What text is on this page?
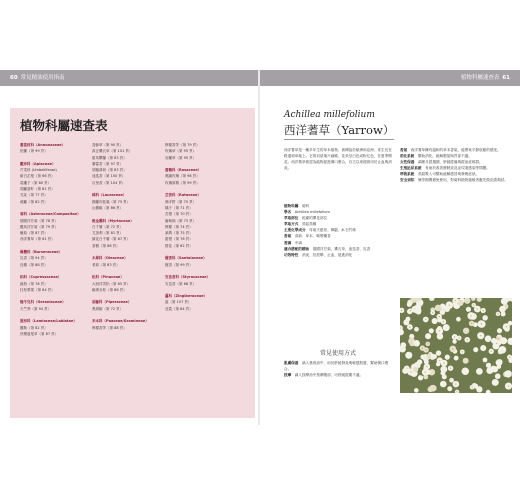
60 常見精油使用指南
植物科屬速查表
番荔枝科（Annonaceae）
依蘭（第 99 頁）
繖形科（Apiaceae）
芹菜科 (Umbelliferae)
歐白芷根（第 66 頁）
葛縷子（第 80 頁）
胡蘿蔔籽（第 81 頁）
芫荽（第 77 頁）
蒔蘿（第 82 頁）
菊科（Asteraceae/Compositae）
德國洋甘菊（第 78 頁）
羅馬洋甘菊（第 79 頁）
蠟菊（第 87 頁）
西洋蓍草（第 61 頁）
橄欖科（Burseraceae）
乳香（第 94 頁）
沒藥（第 88 頁）
柏科（Cupressaceae）
絲柏（第 78 頁）
杜松漿果（第 84 頁）
牻牛兒科（Geraniaceae）
天竺葵（第 94 頁）
唇形科（Lamiaceae/Labiatae）
羅勒（第 82 頁）
快樂鼠尾草（第 87 頁）
香蜂草（第 90 頁）
真正薰衣草（第 101 頁）
甜馬鬱蘭（第 83 頁）
廣藿香（第 97 頁）
胡椒薄荷（第 83 頁）
迷迭香（第 100 頁）
百里香（第 104 頁）
樟科（Lauraceae）
錫蘭肉桂葉（第 75 頁）
山雞椒（第 86 頁）
桃金孃科（Myrtaceae）
白千層（第 72 頁）
尤加利（第 81 頁）
綠花白千層（第 87 頁）
茶樹（第 88 頁）
木犀科（Oleaceae）
茉莉（第 83 頁）
松科（Pinaceae）
大西洋雪松（第 65 頁）
歐洲赤松（第 86 頁）
胡椒科（Piperaceae）
黑胡椒（第 72 頁）
禾本科（Poaceae/Gramineae）
檸檬香茅（第 88 頁）
檸檬香茅（第 79 頁）
玫瑰草（第 95 頁）
岩蘭草（第 95 頁）
薔薇科（Rosaceae）
奧圖玫瑰（第 98 頁）
玫瑰原精（第 99 頁）
芸香科（Rutaceae）
佛手柑（第 70 頁）
橘子（第 71 頁）
苦橙（第 70 頁）
葡萄柚（第 73 頁）
檸檬（第 74 頁）
萊姆（第 75 頁）
甜橙（第 76 頁）
橙花（第 82 頁）
檀香科（Santalaceae）
檀香（第 99 頁）
安息香科（Styracaceae）
安息香（第 68 頁）
薑科（Zingiberaceae）
薑（第 107 頁）
荳蔻（第 84 頁）
植物科屬速查表 61
Achillea millefolium
西洋蓍草（Yarrow）
西洋蓍草是一種多年生的草本植物，被傳說於歐洲和亞洲，常生長在路邊和草地上。它的羽狀葉片細緻，花朵呈白色或粉紅色，在夏季開花。西洋蓍草被認為能夠促進傷口癒合，自古以來便被用於止血與消炎。
植物科屬　菊科
學名　Achillea millefolium
萃取部位　乾燥的開花部位
萃取方式　蒸氣蒸餾
主要化學成分　母菊天藍烴、樟腦、β-石竹烯
香氣　清新、草本、略帶藥香
香調　中調
適合搭配的精油　德國洋甘菊、薰衣草、迷迭香、乳香
功效特性　消炎、抗痙攣、止血、促進消化
常見使用方式
肌膚保養　滴入基底油中，用於舒緩發炎與敏感肌膚，幫助傷口癒合。
按摩　調入按摩油中按摩腹部，可舒緩經期不適。
香氣　西洋蓍草擁有溫和的草本香氣，能帶來平靜放鬆的感受。
消化系統　幫助消化，緩解脹氣與胃部不適。
女性保養　調理月經週期，舒緩經痛與經前症候群。
生殖泌尿系統　有助於改善膀胱炎及泌尿道感染等問題。
呼吸系統　蒸氣吸入可幫助緩解感冒與發燒症狀。
安全須知　懷孕期間避免使用，對菊科植物過敏者應先做皮膚測試。
